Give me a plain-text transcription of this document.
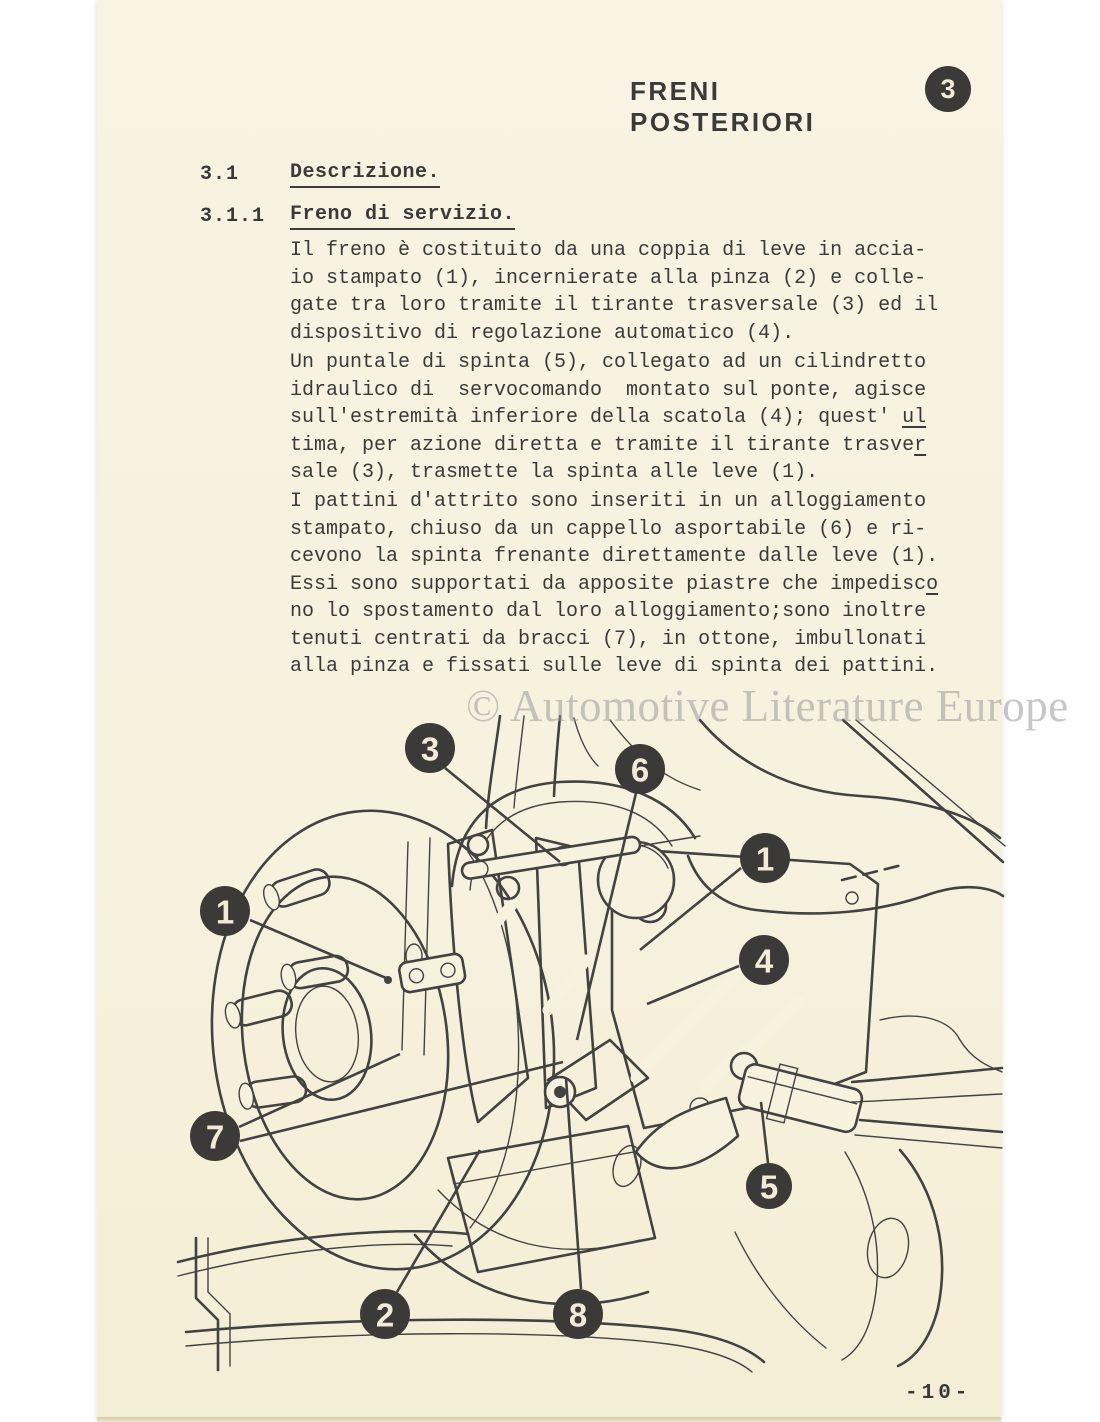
FRENI POSTERIORI
3
3.1	Descrizione.
3.1.1 Freno di servizio.
Il freno è costituito da una coppia di leve in accia-
io stampato (1), incernierate alla pinza (2) e colle-
gate tra loro tramite il tirante trasversale (3) ed il
dispositivo di regolazione automatico (4).
Un puntale di spinta (5), collegato ad un cilindretto
idraulico di  servocomando  montato sul ponte, agisce
sull'estremità inferiore della scatola (4); quest' ul
tima, per azione diretta e tramite il tirante trasver
sale (3), trasmette la spinta alle leve (1).
I pattini d'attrito sono inseriti in un alloggiamento
stampato, chiuso da un cappello asportabile (6) e ri-
cevono la spinta frenante direttamente dalle leve (1).
Essi sono supportati da apposite piastre che impedisco
no lo spostamento dal loro alloggiamento;sono inoltre
tenuti centrati da bracci (7), in ottone, imbullonati
alla pinza e fissati sulle leve di spinta dei pattini.
© Automotive Literature Europe
3
6
1
1
4
7
5
2	8
-10-
